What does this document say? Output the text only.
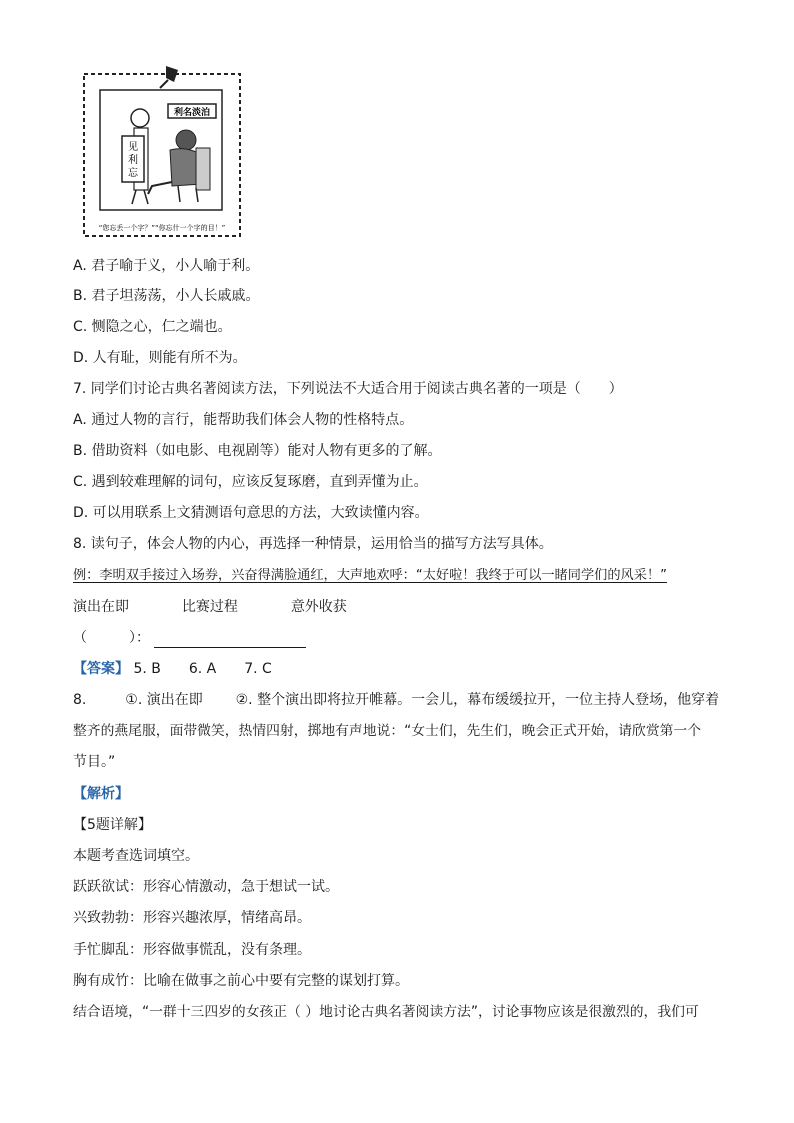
利名淡泊
见
利
忘
“您忘丢一个字？”“你忘什一个字的目！”
A. 君子喻于义，小人喻于利。
B. 君子坦荡荡，小人长戚戚。
C. 恻隐之心，仁之端也。
D. 人有耻，则能有所不为。
7. 同学们讨论古典名著阅读方法，下列说法不大适合用于阅读古典名著的一项是（　　）
A. 通过人物的言行，能帮助我们体会人物的性格特点。
B. 借助资料（如电影、电视剧等）能对人物有更多的了解。
C. 遇到较难理解的词句，应该反复琢磨，直到弄懂为止。
D. 可以用联系上文猜测语句意思的方法，大致读懂内容。
8. 读句子，体会人物的内心，再选择一种情景，运用恰当的描写方法写具体。
例：李明双手接过入场券，兴奋得满脸通红，大声地欢呼：“太好啦！我终于可以一睹同学们的风采！”
演出在即	比赛过程	意外收获
（　　　）：
【答案】 5. B　　6. A　　7. C
8.	①. 演出在即 ②. 整个演出即将拉开帷幕。一会儿，幕布缓缓拉开，一位主持人登场，他穿着
整齐的燕尾服，面带微笑，热情四射，掷地有声地说：“女士们，先生们，晚会正式开始，请欣赏第一个
节目。”
【解析】
【5题详解】
本题考查选词填空。
跃跃欲试：形容心情激动，急于想试一试。
兴致勃勃：形容兴趣浓厚，情绪高昂。
手忙脚乱：形容做事慌乱，没有条理。
胸有成竹：比喻在做事之前心中要有完整的谋划打算。
结合语境，“一群十三四岁的女孩正（ ）地讨论古典名著阅读方法”，讨论事物应该是很激烈的，我们可
